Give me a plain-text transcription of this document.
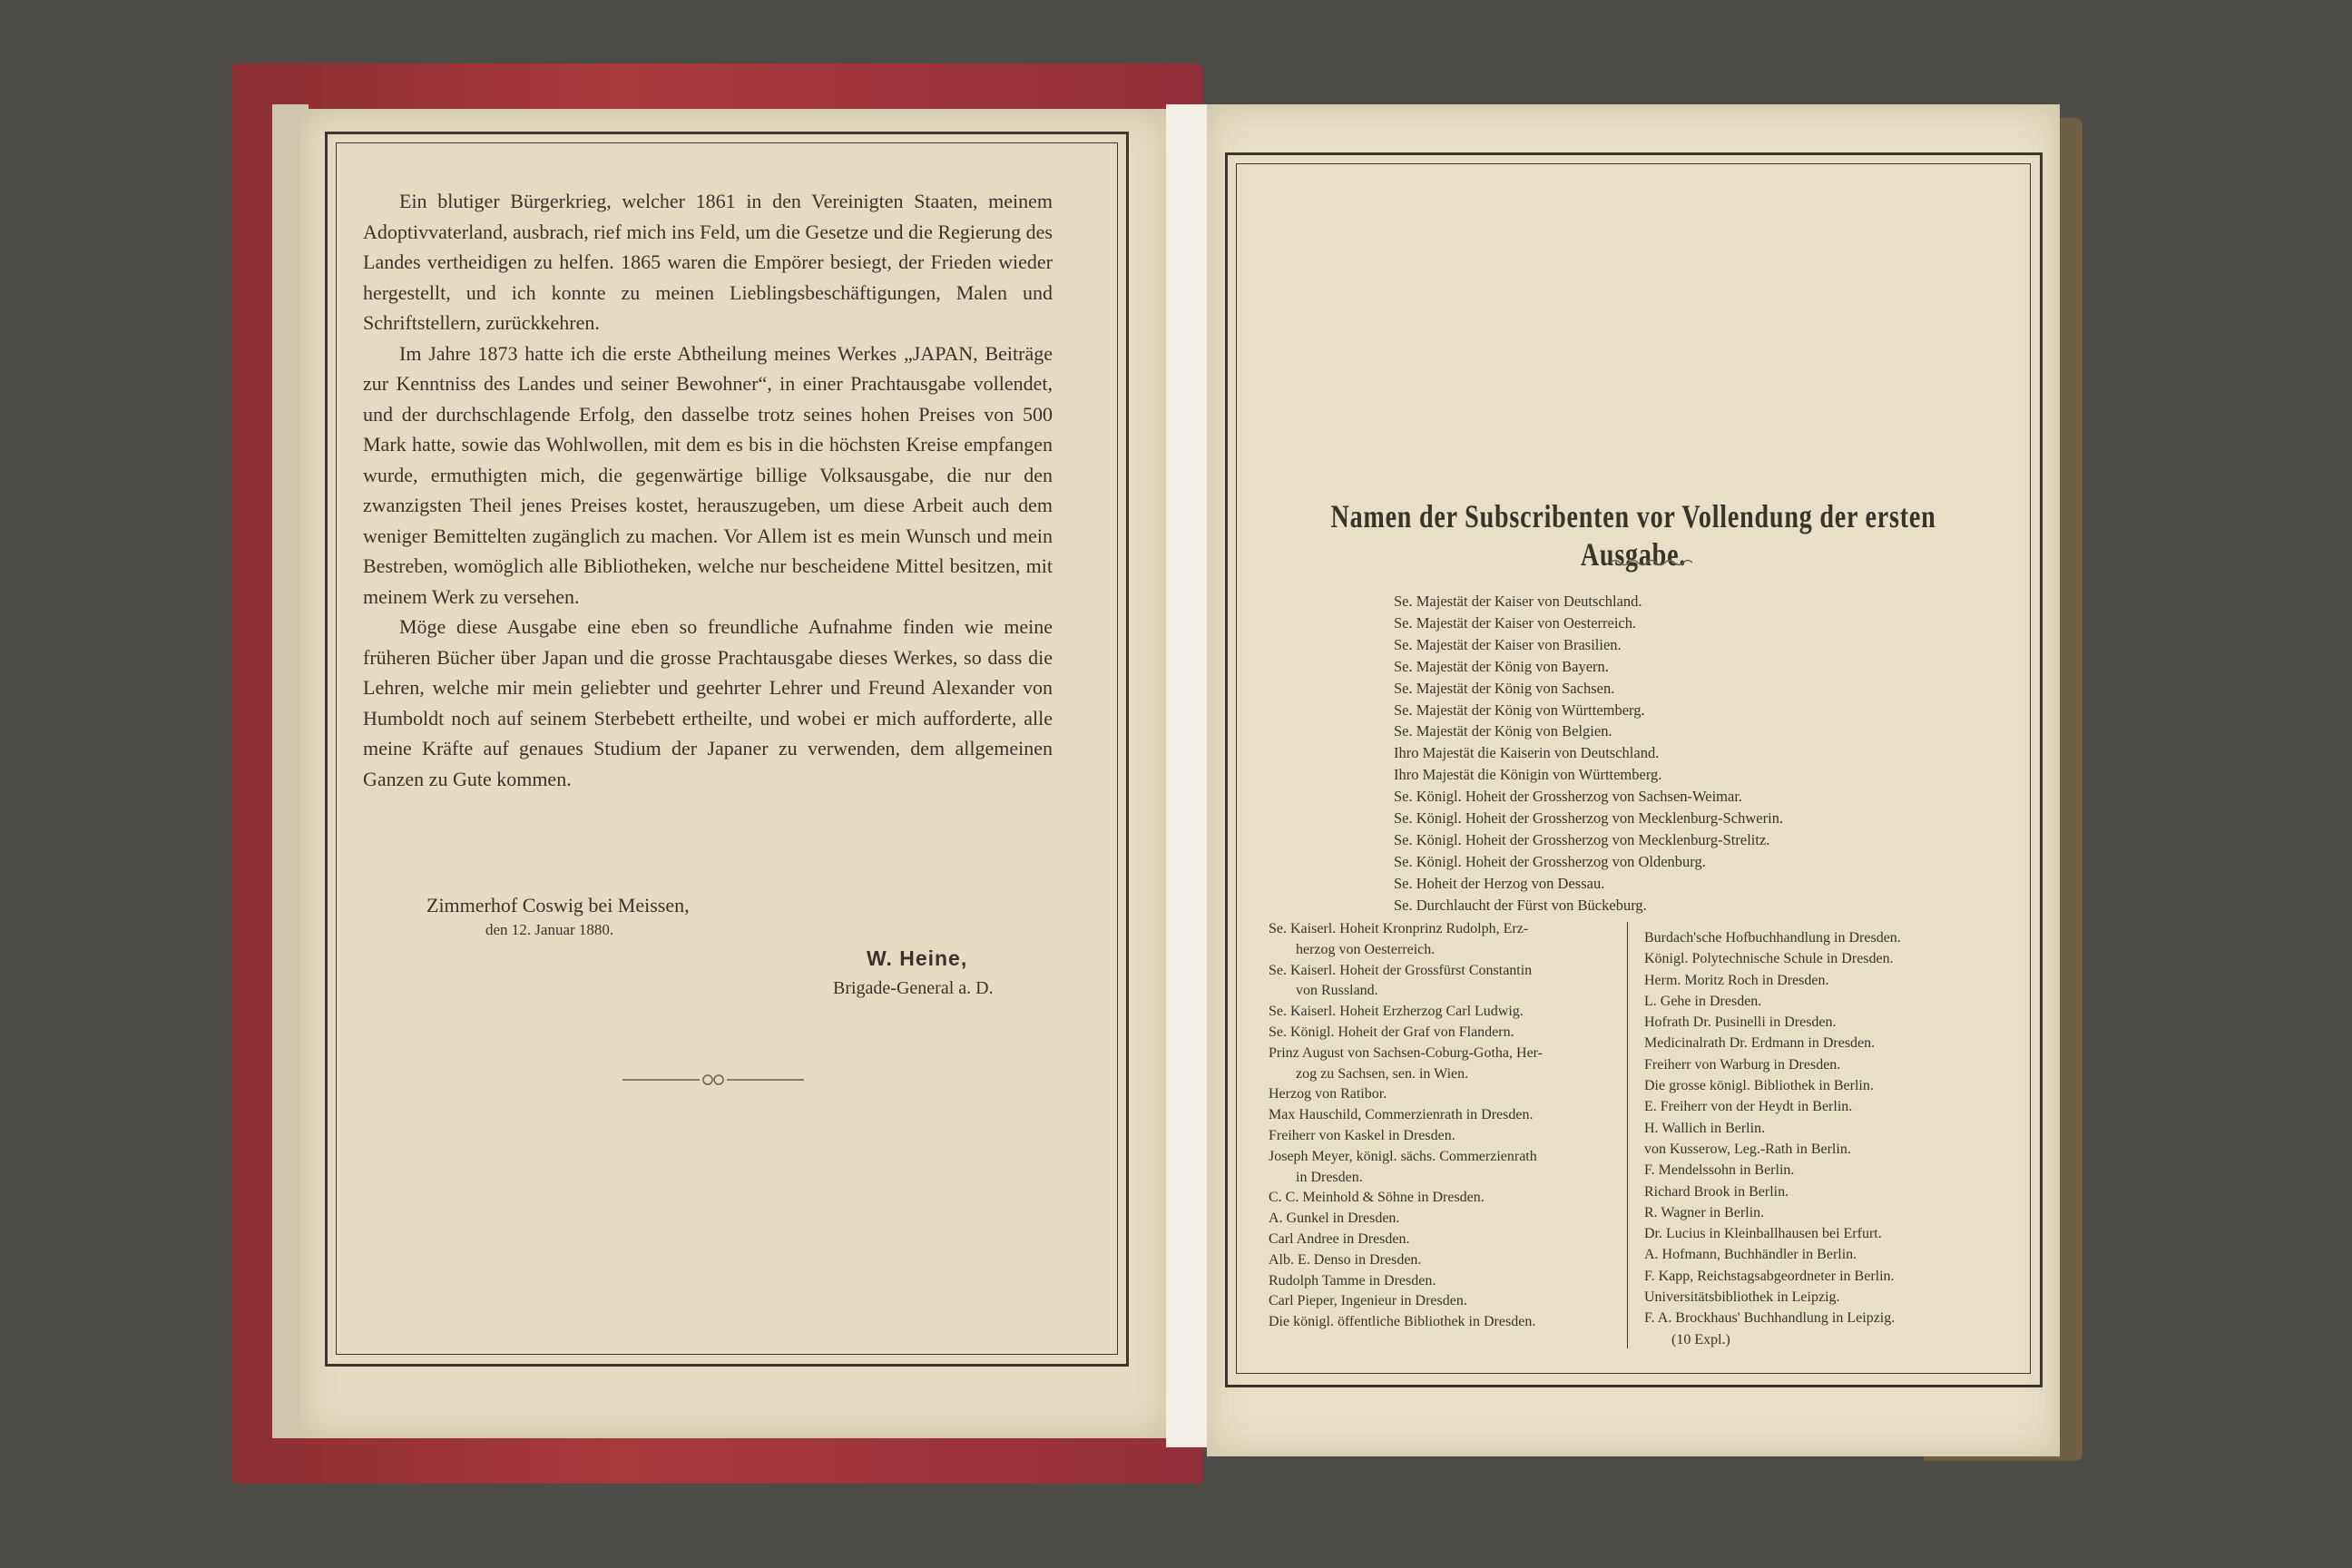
Ein blutiger Bürgerkrieg, welcher 1861 in den Vereinigten Staaten, meinem Adoptivvaterland, ausbrach, rief mich ins Feld, um die Gesetze und die Regierung des Landes vertheidigen zu helfen. 1865 waren die Empörer besiegt, der Frieden wieder hergestellt, und ich konnte zu meinen Lieblingsbeschäftigungen, Malen und Schriftstellern, zurückkehren.

Im Jahre 1873 hatte ich die erste Abtheilung meines Werkes „JAPAN, Beiträge zur Kenntniss des Landes und seiner Bewohner“, in einer Prachtausgabe vollendet, und der durchschlagende Erfolg, den dasselbe trotz seines hohen Preises von 500 Mark hatte, sowie das Wohlwollen, mit dem es bis in die höchsten Kreise empfangen wurde, ermuthigten mich, die gegenwärtige billige Volksausgabe, die nur den zwanzigsten Theil jenes Preises kostet, herauszugeben, um diese Arbeit auch dem weniger Bemittelten zugänglich zu machen. Vor Allem ist es mein Wunsch und mein Bestreben, womöglich alle Bibliotheken, welche nur bescheidene Mittel besitzen, mit meinem Werk zu versehen.

Möge diese Ausgabe eine eben so freundliche Aufnahme finden wie meine früheren Bücher über Japan und die grosse Prachtausgabe dieses Werkes, so dass die Lehren, welche mir mein geliebter und geehrter Lehrer und Freund Alexander von Humboldt noch auf seinem Sterbebett ertheilte, und wobei er mich aufforderte, alle meine Kräfte auf genaues Studium der Japaner zu verwenden, dem allgemeinen Ganzen zu Gute kommen.

Zimmerhof Coswig bei Meissen,
den 12. Januar 1880.
W. Heine,
Brigade-General a. D.
Namen der Subscribenten vor Vollendung der ersten Ausgabe.
Se. Majestät der Kaiser von Deutschland.
Se. Majestät der Kaiser von Oesterreich.
Se. Majestät der Kaiser von Brasilien.
Se. Majestät der König von Bayern.
Se. Majestät der König von Sachsen.
Se. Majestät der König von Württemberg.
Se. Majestät der König von Belgien.
Ihro Majestät die Kaiserin von Deutschland.
Ihro Majestät die Königin von Württemberg.
Se. Königl. Hoheit der Grossherzog von Sachsen-Weimar.
Se. Königl. Hoheit der Grossherzog von Mecklenburg-Schwerin.
Se. Königl. Hoheit der Grossherzog von Mecklenburg-Strelitz.
Se. Königl. Hoheit der Grossherzog von Oldenburg.
Se. Hoheit der Herzog von Dessau.
Se. Durchlaucht der Fürst von Bückeburg.
Se. Kaiserl. Hoheit Kronprinz Rudolph, Erz-
herzog von Oesterreich.
Se. Kaiserl. Hoheit der Grossfürst Constantin
von Russland.
Se. Kaiserl. Hoheit Erzherzog Carl Ludwig.
Se. Königl. Hoheit der Graf von Flandern.
Prinz August von Sachsen-Coburg-Gotha, Her-
zog zu Sachsen, sen. in Wien.
Herzog von Ratibor.
Max Hauschild, Commerzienrath in Dresden.
Freiherr von Kaskel in Dresden.
Joseph Meyer, königl. sächs. Commerzienrath
in Dresden.
C. C. Meinhold & Söhne in Dresden.
A. Gunkel in Dresden.
Carl Andree in Dresden.
Alb. E. Denso in Dresden.
Rudolph Tamme in Dresden.
Carl Pieper, Ingenieur in Dresden.
Die königl. öffentliche Bibliothek in Dresden.
Burdach'sche Hofbuchhandlung in Dresden.
Königl. Polytechnische Schule in Dresden.
Herm. Moritz Roch in Dresden.
L. Gehe in Dresden.
Hofrath Dr. Pusinelli in Dresden.
Medicinalrath Dr. Erdmann in Dresden.
Freiherr von Warburg in Dresden.
Die grosse königl. Bibliothek in Berlin.
E. Freiherr von der Heydt in Berlin.
H. Wallich in Berlin.
von Kusserow, Leg.-Rath in Berlin.
F. Mendelssohn in Berlin.
Richard Brook in Berlin.
R. Wagner in Berlin.
Dr. Lucius in Kleinballhausen bei Erfurt.
A. Hofmann, Buchhändler in Berlin.
F. Kapp, Reichstagsabgeordneter in Berlin.
Universitätsbibliothek in Leipzig.
F. A. Brockhaus' Buchhandlung in Leipzig.
(10 Expl.)
